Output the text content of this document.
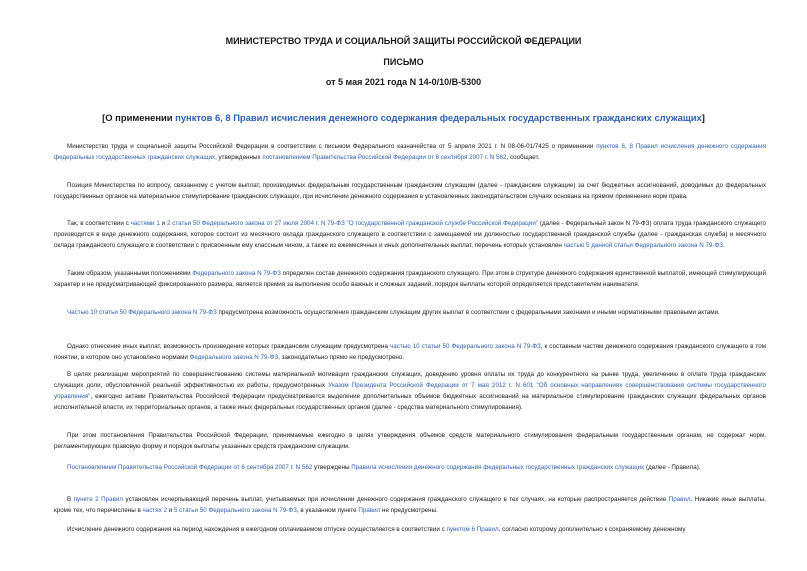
МИНИСТЕРСТВО ТРУДА И СОЦИАЛЬНОЙ ЗАЩИТЫ РОССИЙСКОЙ ФЕДЕРАЦИИ

ПИСЬМО

от 5 мая 2021 года N 14-0/10/В-5300

[О применении пунктов 6, 8 Правил исчисления денежного содержания федеральных государственных гражданских служащих]

Министерство труда и социальной защиты Российской Федерации в соответствии с письмом Федерального казначейства от 5 апреля 2021 г. N 08-06-01/7425 о применении пунктов 6, 8 Правил исчисления денежного содержания федеральных государственных гражданских служащих, утвержденных постановлением Правительства Российской Федерации от 6 сентября 2007 г. N 562, сообщает.

Позиция Министерства по вопросу, связанному с учетом выплат, производимых федеральным государственным гражданским служащим (далее - гражданские служащие) за счет бюджетных ассигнований, доводимых до федеральных государственных органов на материальное стимулирование гражданских служащих, при исчислении денежного содержания в установленных законодательством случаях основана на прямом применении норм права.

Так, в соответствии с частями 1 и 2 статьи 50 Федерального закона от 27 июля 2004 г. N 79-ФЗ "О государственной гражданской службе Российской Федерации" (далее - Федеральный закон N 79-ФЗ) оплата труда гражданского служащего производится в виде денежного содержания, которое состоит из месячного оклада гражданского служащего в соответствии с замещаемой им должностью государственной гражданской службы (далее - гражданская служба) и месячного оклада гражданского служащего в соответствии с присвоенным ему классным чином, а также из ежемесячных и иных дополнительных выплат, перечень которых установлен частью 5 данной статьи Федерального закона N 79-ФЗ.

Таким образом, указанными положениями Федерального закона N 79-ФЗ определен состав денежного содержания гражданского служащего. При этом в структуре денежного содержания единственной выплатой, имеющей стимулирующий характер и не предусматривающей фиксированного размера, является премия за выполнение особо важных и сложных заданий, порядок выплаты которой определяется представителем нанимателя.

Частью 10 статьи 50 Федерального закона N 79-ФЗ предусмотрена возможность осуществления гражданским служащим других выплат в соответствии с федеральными законами и иными нормативными правовыми актами.

Однако отнесение иных выплат, возможность произведения которых гражданским служащим предусмотрена частью 10 статьи 50 Федерального закона N 79-ФЗ, к составным частям денежного содержания гражданского служащего в том понятии, в котором оно установлено нормами Федерального закона N 79-ФЗ, законодательно прямо не предусмотрено.

В целях реализации мероприятий по совершенствованию системы материальной мотивации гражданских служащих, доведению уровня оплаты их труда до конкурентного на рынке труда, увеличению в оплате труда гражданских служащих доли, обусловленной реальной эффективностью их работы, предусмотренных Указом Президента Российской Федерации от 7 мая 2012 г. N 601 "Об основных направлениях совершенствования системы государственного управления", ежегодно актами Правительства Российской Федерации предусматривается выделение дополнительных объемов бюджетных ассигнований на материальное стимулирование гражданских служащих федеральных органов исполнительной власти, их территориальных органов, а также иных федеральных государственных органов (далее - средства материального стимулирования).

При этом постановления Правительства Российской Федерации, принимаемые ежегодно в целях утверждения объемов средств материального стимулирования федеральным государственным органам, не содержат норм, регламентирующих правовую форму и порядок выплаты указанных средств гражданским служащим.

Постановлением Правительства Российской Федерации от 6 сентября 2007 г. N 562 утверждены Правила исчисления денежного содержания федеральных государственных гражданских служащих (далее - Правила).

В пункте 2 Правил установлен исчерпывающий перечень выплат, учитываемых при исчислении денежного содержания гражданского служащего в тех случаях, на которые распространяется действие Правил. Никакие иные выплаты, кроме тех, что перечислены в частях 2 и 5 статьи 50 Федерального закона N 79-ФЗ, в указанном пункте Правил не предусмотрены.

Исчисление денежного содержания на период нахождения в ежегодном оплачиваемом отпуске осуществляется в соответствии с пунктом 6 Правил, согласно которому дополнительно к сохраняемому денежному
